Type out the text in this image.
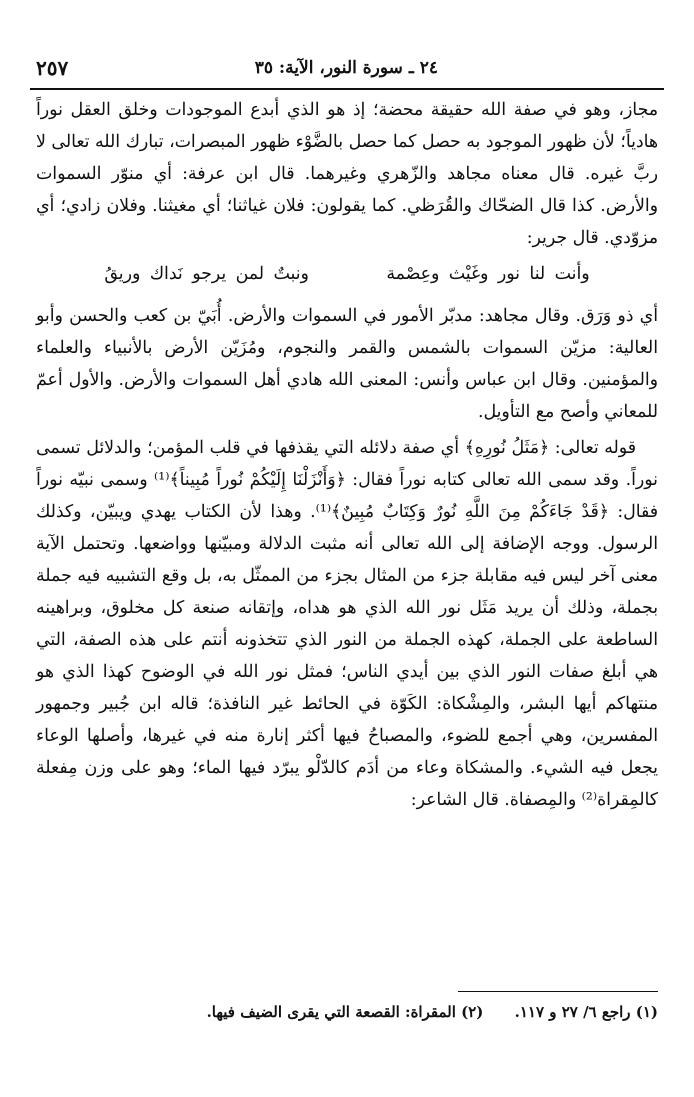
٢٤ ـ سورة النور، الآية: ٣٥
٢٥٧

مجاز، وهو في صفة الله حقيقة محضة؛ إذ هو الذي أبدع الموجودات وخلق العقل نوراً هادياً؛ لأن ظهور الموجود به حصل كما حصل بالضَّوْء ظهور المبصرات، تبارك الله تعالى لا ربَّ غيره. قال معناه مجاهد والزّهري وغيرهما. قال ابن عرفة: أي منوّر السموات والأرض. كذا قال الضحّاك والقُرَظي. كما يقولون: فلان غياثنا؛ أي مغيثنا. وفلان زادي؛ أي مزوّدي. قال جرير:

وأنت لنا نور وغَيْث وعِصْمة ونبتٌ لمن يرجو نَداك وريقُ

أي ذو وَرَق. وقال مجاهد: مدبّر الأمور في السموات والأرض. أُبَيّ بن كعب والحسن وأبو العالية: مزيّن السموات بالشمس والقمر والنجوم، ومُزَيّن الأرض بالأنبياء والعلماء والمؤمنين. وقال ابن عباس وأنس: المعنى الله هادي أهل السموات والأرض. والأول أعمّ للمعاني وأصح مع التأويل.

قوله تعالى: ﴿مَثَلُ نُورِهِ﴾ أي صفة دلائله التي يقذفها في قلب المؤمن؛ والدلائل تسمى نوراً. وقد سمى الله تعالى كتابه نوراً فقال: ﴿وَأَنْزَلْنَا إِلَيْكُمْ نُوراً مُبِيناً﴾⁽¹⁾ وسمى نبيّه نوراً فقال: ﴿قَدْ جَاءَكُمْ مِنَ اللَّهِ نُورٌ وَكِتَابٌ مُبِينٌ﴾⁽¹⁾. وهذا لأن الكتاب يهدي ويبيّن، وكذلك الرسول. ووجه الإضافة إلى الله تعالى أنه مثبت الدلالة ومبيّنها وواضعها. وتحتمل الآية معنى آخر ليس فيه مقابلة جزء من المثال بجزء من الممثّل به، بل وقع التشبيه فيه جملة بجملة، وذلك أن يريد مَثَل نور الله الذي هو هداه، وإتقانه صنعة كل مخلوق، وبراهينه الساطعة على الجملة، كهذه الجملة من النور الذي تتخذونه أنتم على هذه الصفة، التي هي أبلغ صفات النور الذي بين أيدي الناس؛ فمثل نور الله في الوضوح كهذا الذي هو منتهاكم أيها البشر، والمِشْكاة: الكَوّة في الحائط غير النافذة؛ قاله ابن جُبير وجمهور المفسرين، وهي أجمع للضوء، والمصباحُ فيها أكثر إنارة منه في غيرها، وأصلها الوعاء يجعل فيه الشيء. والمشكاة وعاء من أدَم كالدّلْو يبرّد فيها الماء؛ وهو على وزن مِفعلة كالمِقراة⁽²⁾ والمِصفاة. قال الشاعر:

(١) راجع ٦/ ٢٧ و ١١٧. (٢) المقراة: القصعة التي يقرى الضيف فيها.
